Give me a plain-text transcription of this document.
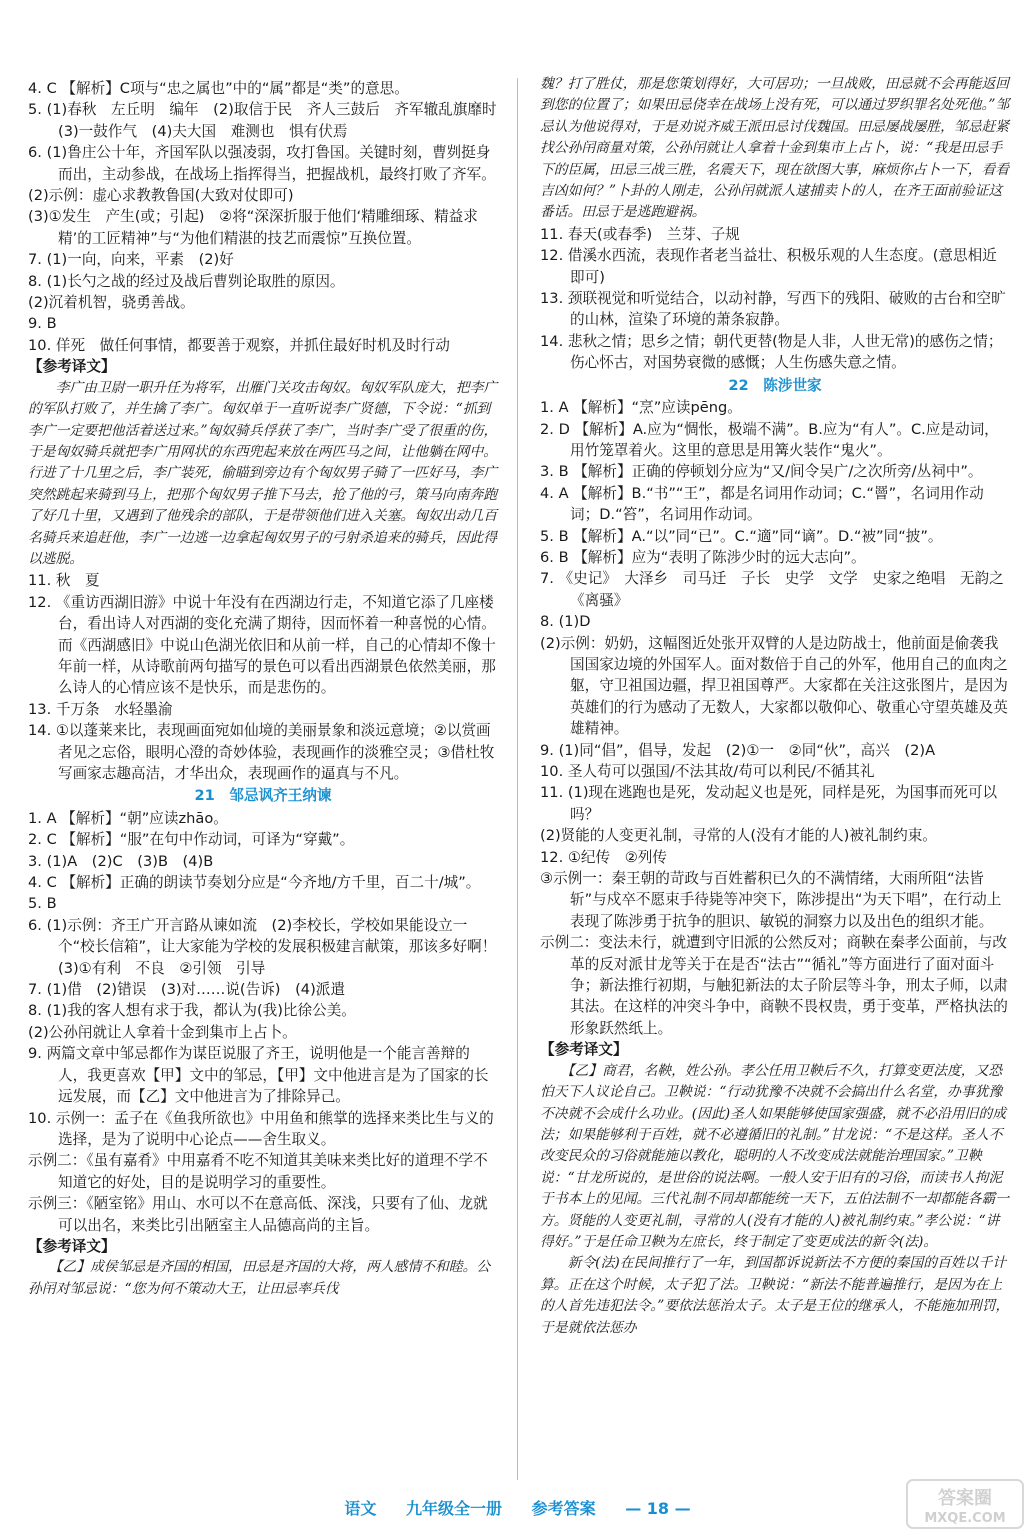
4. C 【解析】C项与“忠之属也”中的“属”都是“类”的意思。

5. (1)春秋　左丘明　编年　(2)取信于民　齐人三鼓后　齐军辙乱旗靡时　(3)一鼓作气　(4)夫大国　难测也　惧有伏焉

6. (1)鲁庄公十年，齐国军队以强凌弱，攻打鲁国。关键时刻，曹刿挺身而出，主动参战，在战场上指挥得当，把握战机，最终打败了齐军。

(2)示例：虚心求教教鲁国(大致对仗即可)

(3)①发生　产生(或；引起)　②将“深深折服于他们‘精雕细琢、精益求精’的工匠精神”与“为他们精湛的技艺而震惊”互换位置。

7. (1)一向，向来，平素　(2)好

8. (1)长勺之战的经过及战后曹刿论取胜的原因。

(2)沉着机智，骁勇善战。

9. B

10. 佯死　做任何事情，都要善于观察，并抓住最好时机及时行动

【参考译文】

　　李广由卫尉一职升任为将军，出雁门关攻击匈奴。匈奴军队庞大，把李广的军队打败了，并生擒了李广。匈奴单于一直听说李广贤德，下令说：“抓到李广一定要把他活着送过来。”匈奴骑兵俘获了李广，当时李广受了很重的伤，于是匈奴骑兵就把李广用网状的东西兜起来放在两匹马之间，让他躺在网中。行进了十几里之后，李广装死，偷瞄到旁边有个匈奴男子骑了一匹好马，李广突然跳起来骑到马上，把那个匈奴男子推下马去，抢了他的弓，策马向南奔跑了好几十里，又遇到了他残余的部队，于是带领他们进入关塞。匈奴出动几百名骑兵来追赶他，李广一边逃一边拿起匈奴男子的弓射杀追来的骑兵，因此得以逃脱。

11. 秋　夏

12. 《重访西湖旧游》中说十年没有在西湖边行走，不知道它添了几座楼台，看出诗人对西湖的变化充满了期待，因而怀着一种喜悦的心情。而《西湖感旧》中说山色湖光依旧和从前一样，自己的心情却不像十年前一样，从诗歌前两句描写的景色可以看出西湖景色依然美丽，那么诗人的心情应该不是快乐，而是悲伤的。

13. 千万条　水轻墨渝

14. ①以蓬莱来比，表现画面宛如仙境的美丽景象和淡远意境；②以赏画者见之忘俗，眼明心澄的奇妙体验，表现画作的淡雅空灵；③借杜牧写画家志趣高洁，才华出众，表现画作的逼真与不凡。

21　邹忌讽齐王纳谏

1. A 【解析】“朝”应读zhāo。

2. C 【解析】“服”在句中作动词，可译为“穿戴”。

3. (1)A　(2)C　(3)B　(4)B

4. C 【解析】正确的朗读节奏划分应是“今齐地/方千里，百二十/城”。

5. B

6. (1)示例：齐王广开言路从谏如流　(2)李校长，学校如果能设立一个“校长信箱”，让大家能为学校的发展积极建言献策，那该多好啊！　(3)①有利　不良　②引领　引导

7. (1)借　(2)错误　(3)对……说(告诉)　(4)派遣

8. (1)我的客人想有求于我，都认为(我)比徐公美。

(2)公孙闬就让人拿着十金到集市上占卜。

9. 两篇文章中邹忌都作为谋臣说服了齐王，说明他是一个能言善辩的人，我更喜欢【甲】文中的邹忌，【甲】文中他进言是为了国家的长远发展，而【乙】文中他进言为了排除异己。

10. 示例一：孟子在《鱼我所欲也》中用鱼和熊掌的选择来类比生与义的选择，是为了说明中心论点——舍生取义。

示例二：《虽有嘉肴》中用嘉肴不吃不知道其美味来类比好的道理不学不知道它的好处，目的是说明学习的重要性。

示例三：《陋室铭》用山、水可以不在意高低、深浅，只要有了仙、龙就可以出名，来类比引出陋室主人品德高尚的主旨。

【参考译文】

　　【乙】成侯邹忌是齐国的相国，田忌是齐国的大将，两人感情不和睦。公孙闬对邹忌说：“您为何不策动大王，让田忌率兵伐

魏？打了胜仗，那是您策划得好，大可居功；一旦战败，田忌就不会再能返回到您的位置了；如果田忌侥幸在战场上没有死，可以通过罗织罪名处死他。”邹忌认为他说得对，于是劝说齐威王派田忌讨伐魏国。田忌屡战屡胜，邹忌赶紧找公孙闬商量对策，公孙闬就让人拿着十金到集市上占卜，说：“我是田忌手下的臣属，田忌三战三胜，名震天下，现在欲图大事，麻烦你占卜一下，看看吉凶如何？”卜卦的人刚走，公孙闬就派人逮捕卖卜的人，在齐王面前验证这番话。田忌于是逃跑避祸。

11. 春天(或春季)　兰芽、子规

12. 借溪水西流，表现作者老当益壮、积极乐观的人生态度。(意思相近即可)

13. 颈联视觉和听觉结合，以动衬静，写西下的残阳、破败的古台和空旷的山林，渲染了环境的萧条寂静。

14. 悲秋之情；思乡之情；朝代更替(物是人非，人世无常)的感伤之情；伤心怀古，对国势衰微的感慨；人生伤感失意之情。

22　陈涉世家

1. A 【解析】“烹”应读pēng。

2. D 【解析】A.应为“惆怅，极端不满”。B.应为“有人”。C.应是动词，用竹笼罩着火。这里的意思是用篝火装作“鬼火”。

3. B 【解析】正确的停顿划分应为“又/间令吴广/之次所旁/丛祠中”。

4. A 【解析】B.“书”“王”，都是名词用作动词；C.“罾”，名词用作动词；D.“笞”，名词用作动词。

5. B 【解析】A.“以”同“已”。C.“適”同“谪”。D.“被”同“披”。

6. B 【解析】应为“表明了陈涉少时的远大志向”。

7. 《史记》　大泽乡　司马迁　子长　史学　文学　史家之绝唱　无韵之《离骚》

8. (1)D

(2)示例：奶奶，这幅图近处张开双臂的人是边防战士，他前面是偷袭我国国家边境的外国军人。面对数倍于自己的外军，他用自己的血肉之躯，守卫祖国边疆，捍卫祖国尊严。大家都在关注这张图片，是因为英雄们的行为感动了无数人，大家都以敬仰心、敬重心守望英雄及英雄精神。

9. (1)同“倡”，倡导，发起　(2)①一　②同“伙”，高兴　(2)A

10. 圣人苟可以强国/不法其故/苟可以利民/不循其礼

11. (1)现在逃跑也是死，发动起义也是死，同样是死，为国事而死可以吗？

(2)贤能的人变更礼制，寻常的人(没有才能的人)被礼制约束。

12. ①纪传　②列传

③示例一：秦王朝的苛政与百姓蓄积已久的不满情绪，大雨所阻“法皆斩”与戍卒不愿束手待毙等冲突下，陈涉提出“为天下唱”，在行动上表现了陈涉勇于抗争的胆识、敏锐的洞察力以及出色的组织才能。

示例二：变法未行，就遭到守旧派的公然反对；商鞅在秦孝公面前，与改革的反对派甘龙等关于在是否“法古”“循礼”等方面进行了面对面斗争；新法推行初期，与触犯新法的太子阶层等斗争，刑太子师，以肃其法。在这样的冲突斗争中，商鞅不畏权贵，勇于变革，严格执法的形象跃然纸上。

【参考译文】

　　【乙】商君，名鞅，姓公孙。孝公任用卫鞅后不久，打算变更法度，又恐怕天下人议论自己。卫鞅说：“行动犹豫不决就不会搞出什么名堂，办事犹豫不决就不会成什么功业。(因此)圣人如果能够使国家强盛，就不必沿用旧的成法；如果能够利于百姓，就不必遵循旧的礼制。”甘龙说：“不是这样。圣人不改变民众的习俗就能施以教化，聪明的人不改变成法就能治理国家。”卫鞅说：“甘龙所说的，是世俗的说法啊。一般人安于旧有的习俗，而读书人拘泥于书本上的见闻。三代礼制不同却都能统一天下，五伯法制不一却都能各霸一方。贤能的人变更礼制，寻常的人(没有才能的人)被礼制约束。”孝公说：“讲得好。”于是任命卫鞅为左庶长，终于制定了变更成法的新令(法)。
　　新令(法)在民间推行了一年，到国都诉说新法不方便的秦国的百姓以千计算。正在这个时候，太子犯了法。卫鞅说：“新法不能普遍推行，是因为在上的人首先违犯法令。”要依法惩治太子。太子是王位的继承人，不能施加刑罚，于是就依法惩办

语文 九年级全一册 参考答案 — 18 —	答案圈
MXQE.COM
